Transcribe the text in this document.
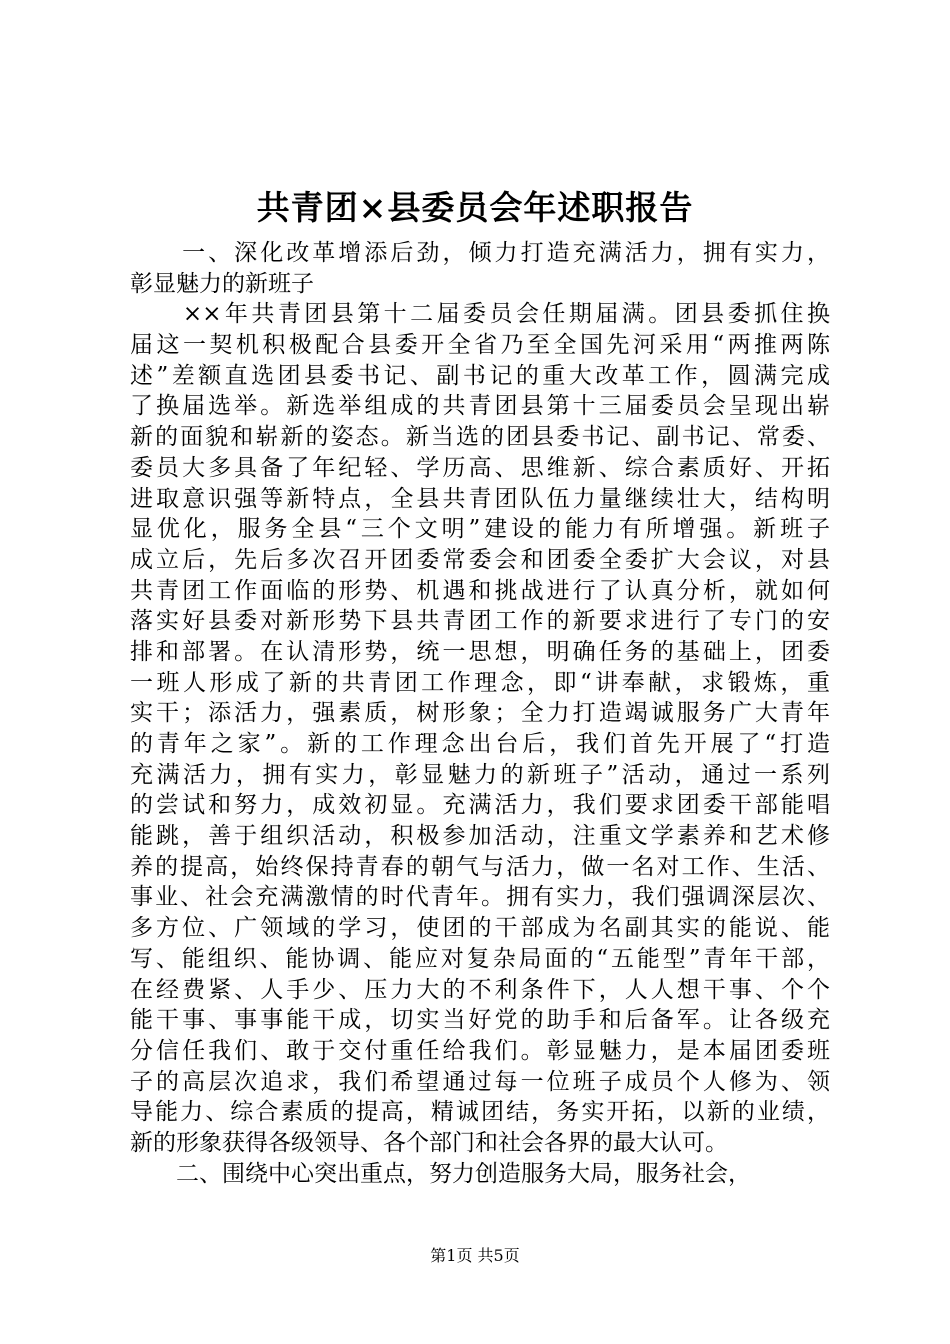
共青团×县委员会年述职报告
　　一、深化改革增添后劲，倾力打造充满活力，拥有实力，
彰显魅力的新班子
　　××年共青团县第十二届委员会任期届满。团县委抓住换
届这一契机积极配合县委开全省乃至全国先河采用“两推两陈
述”差额直选团县委书记、副书记的重大改革工作，圆满完成
了换届选举。新选举组成的共青团县第十三届委员会呈现出崭
新的面貌和崭新的姿态。新当选的团县委书记、副书记、常委、
委员大多具备了年纪轻、学历高、思维新、综合素质好、开拓
进取意识强等新特点，全县共青团队伍力量继续壮大，结构明
显优化，服务全县“三个文明”建设的能力有所增强。新班子
成立后，先后多次召开团委常委会和团委全委扩大会议，对县
共青团工作面临的形势、机遇和挑战进行了认真分析，就如何
落实好县委对新形势下县共青团工作的新要求进行了专门的安
排和部署。在认清形势，统一思想，明确任务的基础上，团委
一班人形成了新的共青团工作理念，即“讲奉献，求锻炼，重
实干；添活力，强素质，树形象；全力打造竭诚服务广大青年
的青年之家”。新的工作理念出台后，我们首先开展了“打造
充满活力，拥有实力，彰显魅力的新班子”活动，通过一系列
的尝试和努力，成效初显。充满活力，我们要求团委干部能唱
能跳，善于组织活动，积极参加活动，注重文学素养和艺术修
养的提高，始终保持青春的朝气与活力，做一名对工作、生活、
事业、社会充满激情的时代青年。拥有实力，我们强调深层次、
多方位、广领域的学习，使团的干部成为名副其实的能说、能
写、能组织、能协调、能应对复杂局面的“五能型”青年干部，
在经费紧、人手少、压力大的不利条件下，人人想干事、个个
能干事、事事能干成，切实当好党的助手和后备军。让各级充
分信任我们、敢于交付重任给我们。彰显魅力，是本届团委班
子的高层次追求，我们希望通过每一位班子成员个人修为、领
导能力、综合素质的提高，精诚团结，务实开拓，以新的业绩，
新的形象获得各级领导、各个部门和社会各界的最大认可。
　　二、围绕中心突出重点，努力创造服务大局，服务社会，
第1页 共5页
